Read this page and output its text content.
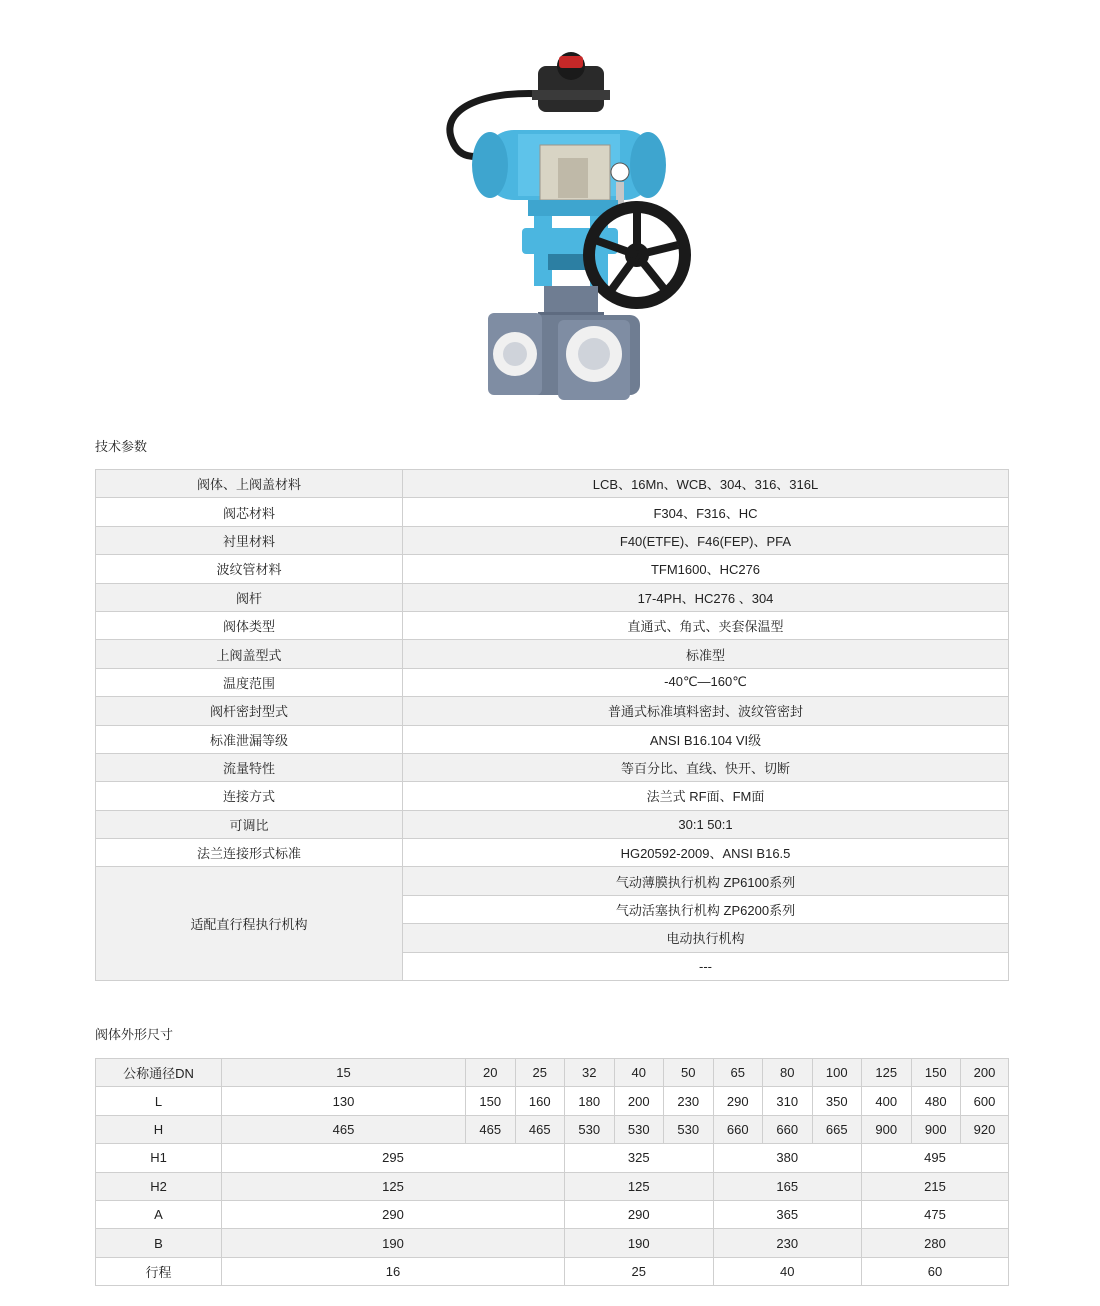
技术参数
阀体、上阀盖材料	LCB、16Mn、WCB、304、316、316L
阀芯材料	F304、F316、HC
衬里材料	F40(ETFE)、F46(FEP)、PFA
波纹管材料	TFM1600、HC276
阀杆	17-4PH、HC276 、304
阀体类型	直通式、角式、夹套保温型
上阀盖型式	标准型
温度范围	-40℃—160℃
阀杆密封型式	普通式标准填料密封、波纹管密封
标准泄漏等级	ANSI B16.104 VI级
流量特性	等百分比、直线、快开、切断
连接方式	法兰式 RF面、FM面
可调比	30:1 50:1
法兰连接形式标准	HG20592-2009、ANSI B16.5
适配直行程执行机构	气动薄膜执行机构 ZP6100系列
	气动活塞执行机构 ZP6200系列
	电动执行机构
	---
阀体外形尺寸
公称通径DN	15	20	25	32	40	50	65	80	100	125	150	200
L	130	150	160	180	200	230	290	310	350	400	480	600
H	465	465	465	530	530	530	660	660	665	900	900	920
H1	295			325			380			495		
H2	125			125			165			215		
A	290			290			365			475		
B	190			190			230			280		
行程	16			25			40			60		
